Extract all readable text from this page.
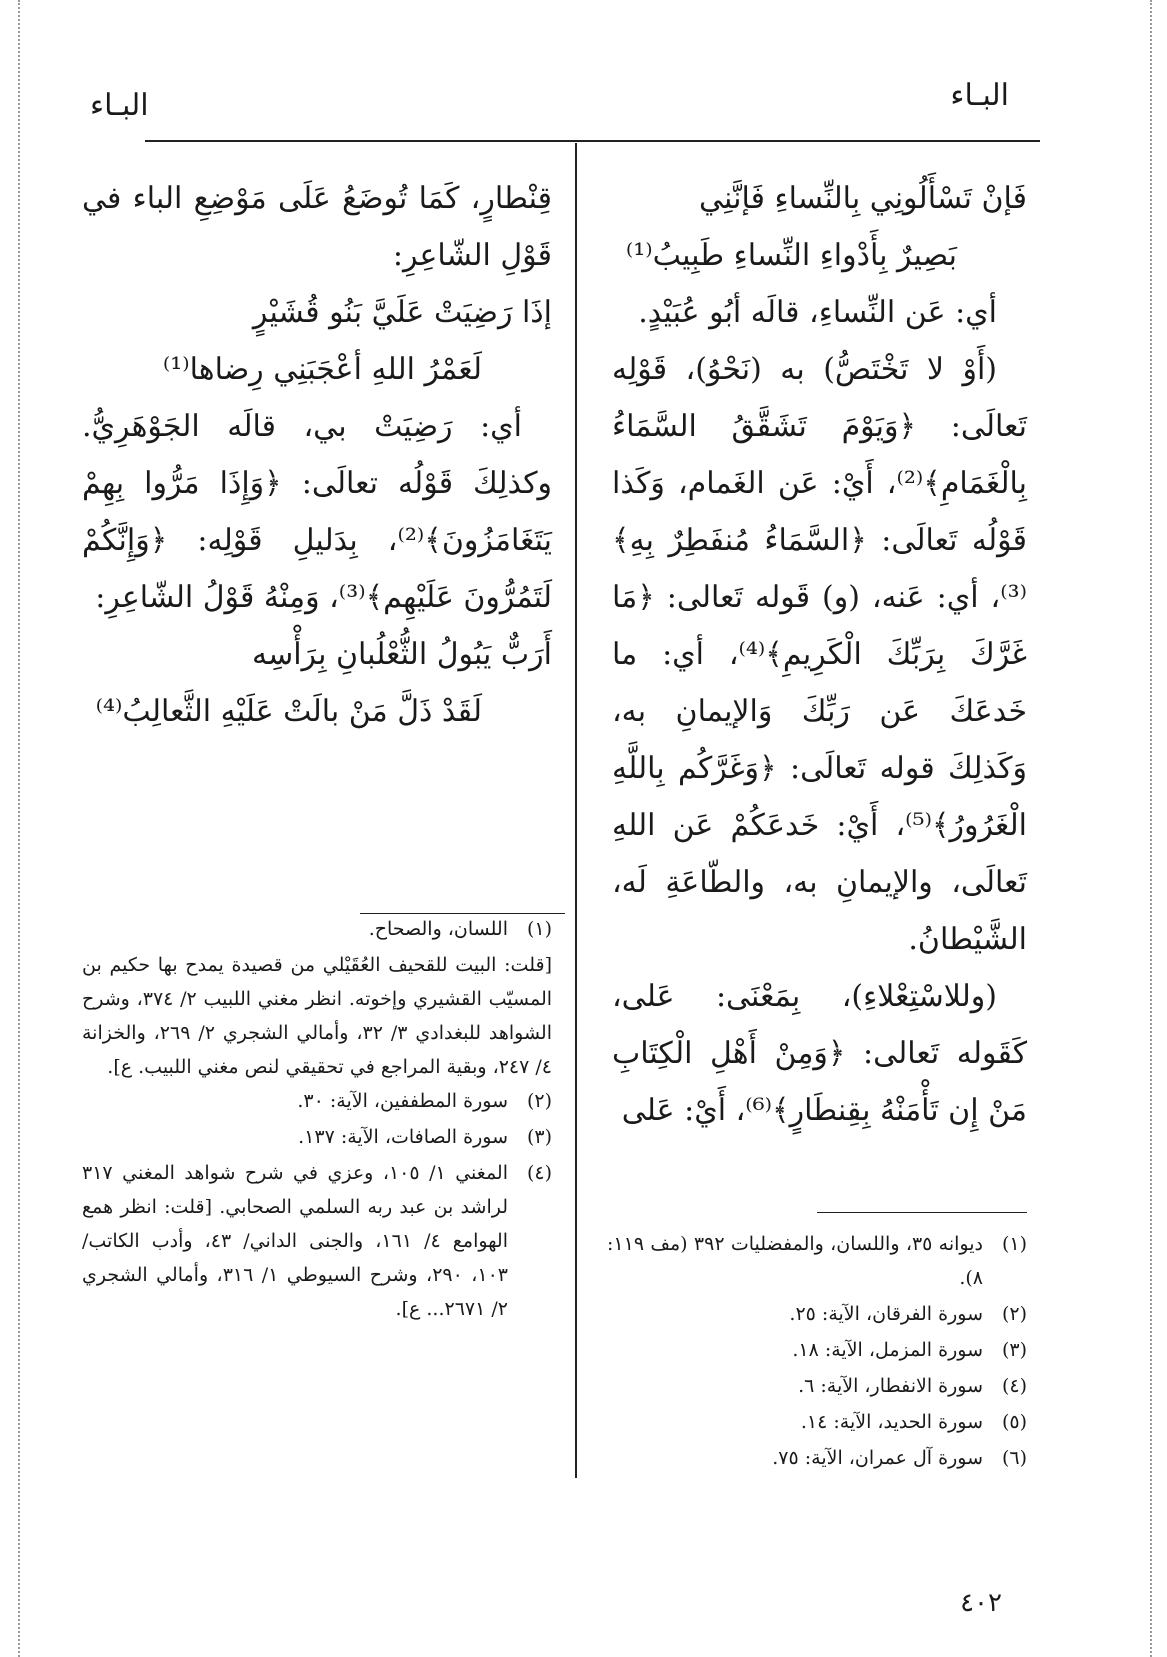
البـاء
البـاء

فَإنْ تَسْأَلُونِي بِالنِّساءِ فَإنَّنِي

بَصِيرٌ بِأَدْواءِ النِّساءِ طَبِيبُ⁽¹⁾

أي: عَن النِّساءِ، قالَه أبُو عُبَيْدٍ.

(أَوْ لا تَخْتَصُّ) به (نَحْوُ)، قَوْلِه تَعالَى: ﴿وَيَوْمَ تَشَقَّقُ السَّمَاءُ بِالْغَمَامِ﴾⁽²⁾، أَيْ: عَن الغَمام، وَكَذا قَوْلُه تَعالَى: ﴿السَّمَاءُ مُنفَطِرٌ بِهِ﴾⁽³⁾، أي: عَنه، (و) قَوله تَعالى: ﴿مَا غَرَّكَ بِرَبِّكَ الْكَرِيمِ﴾⁽⁴⁾، أي: ما خَدعَكَ عَن رَبِّكَ وَالإيمانِ به، وَكَذلِكَ قوله تَعالَى: ﴿وَغَرَّكُم بِاللَّهِ الْغَرُورُ﴾⁽⁵⁾، أَيْ: خَدعَكُمْ عَن اللهِ تَعالَى، والإيمانِ به، والطّاعَةِ لَه، الشَّيْطانُ.

(وللاسْتِعْلاءِ)، بِمَعْنَى: عَلى، كَقَوله تَعالى: ﴿وَمِنْ أَهْلِ الْكِتَابِ مَنْ إِن تَأْمَنْهُ بِقِنطَارٍ﴾⁽⁶⁾، أَيْ: عَلى

قِنْطارٍ، كَمَا تُوضَعُ عَلَى مَوْضِعِ الباء في قَوْلِ الشّاعِرِ:

إذَا رَضِيَتْ عَلَيَّ بَنُو قُشَيْرٍ

لَعَمْرُ اللهِ أعْجَبَنِي رِضاها⁽¹⁾

أي: رَضِيَتْ بي، قالَه الجَوْهَرِيُّ. وكذلِكَ قَوْلُه تعالَى: ﴿وَإِذَا مَرُّوا بِهِمْ يَتَغَامَزُونَ﴾⁽²⁾، بِدَليلِ قَوْلِه: ﴿وَإِنَّكُمْ لَتَمُرُّونَ عَلَيْهِم﴾⁽³⁾، وَمِنْهُ قَوْلُ الشّاعِرِ:

أَرَبٌّ يَبُولُ الثُّعْلُبانِ بِرَأْسِه

لَقَدْ ذَلَّ مَنْ بالَتْ عَلَيْهِ الثَّعالِبُ⁽⁴⁾

(١)
ديوانه ٣٥، واللسان، والمفضليات ٣٩٢ (مف ١١٩: ٨).
(٢)
سورة الفرقان، الآية: ٢٥.
(٣)
سورة المزمل، الآية: ١٨.
(٤)
سورة الانفطار، الآية: ٦.
(٥)
سورة الحديد، الآية: ١٤.
(٦)
سورة آل عمران، الآية: ٧٥.
(١)
اللسان، والصحاح.

[قلت: البيت للقحيف العُقَيْلي من قصيدة يمدح بها حكيم بن المسيّب القشيري وإخوته. انظر مغني اللبيب ٢/ ٣٧٤، وشرح الشواهد للبغدادي ٣/ ٣٢، وأمالي الشجري ٢/ ٢٦٩، والخزانة ٤/ ٢٤٧، وبقية المراجع في تحقيقي لنص مغني اللبيب. ع].

(٢)
سورة المطففين، الآية: ٣٠.
(٣)
سورة الصافات، الآية: ١٣٧.
(٤)
المغني ١/ ١٠٥، وعزي في شرح شواهد المغني ٣١٧ لراشد بن عبد ربه السلمي الصحابي. [قلت: انظر همع الهوامع ٤/ ١٦١، والجنى الداني/ ٤٣، وأدب الكاتب/ ١٠٣، ٢٩٠، وشرح السيوطي ١/ ٣١٦، وأمالي الشجري ٢/ ٢٦٧١... ع].
٤٠٢
